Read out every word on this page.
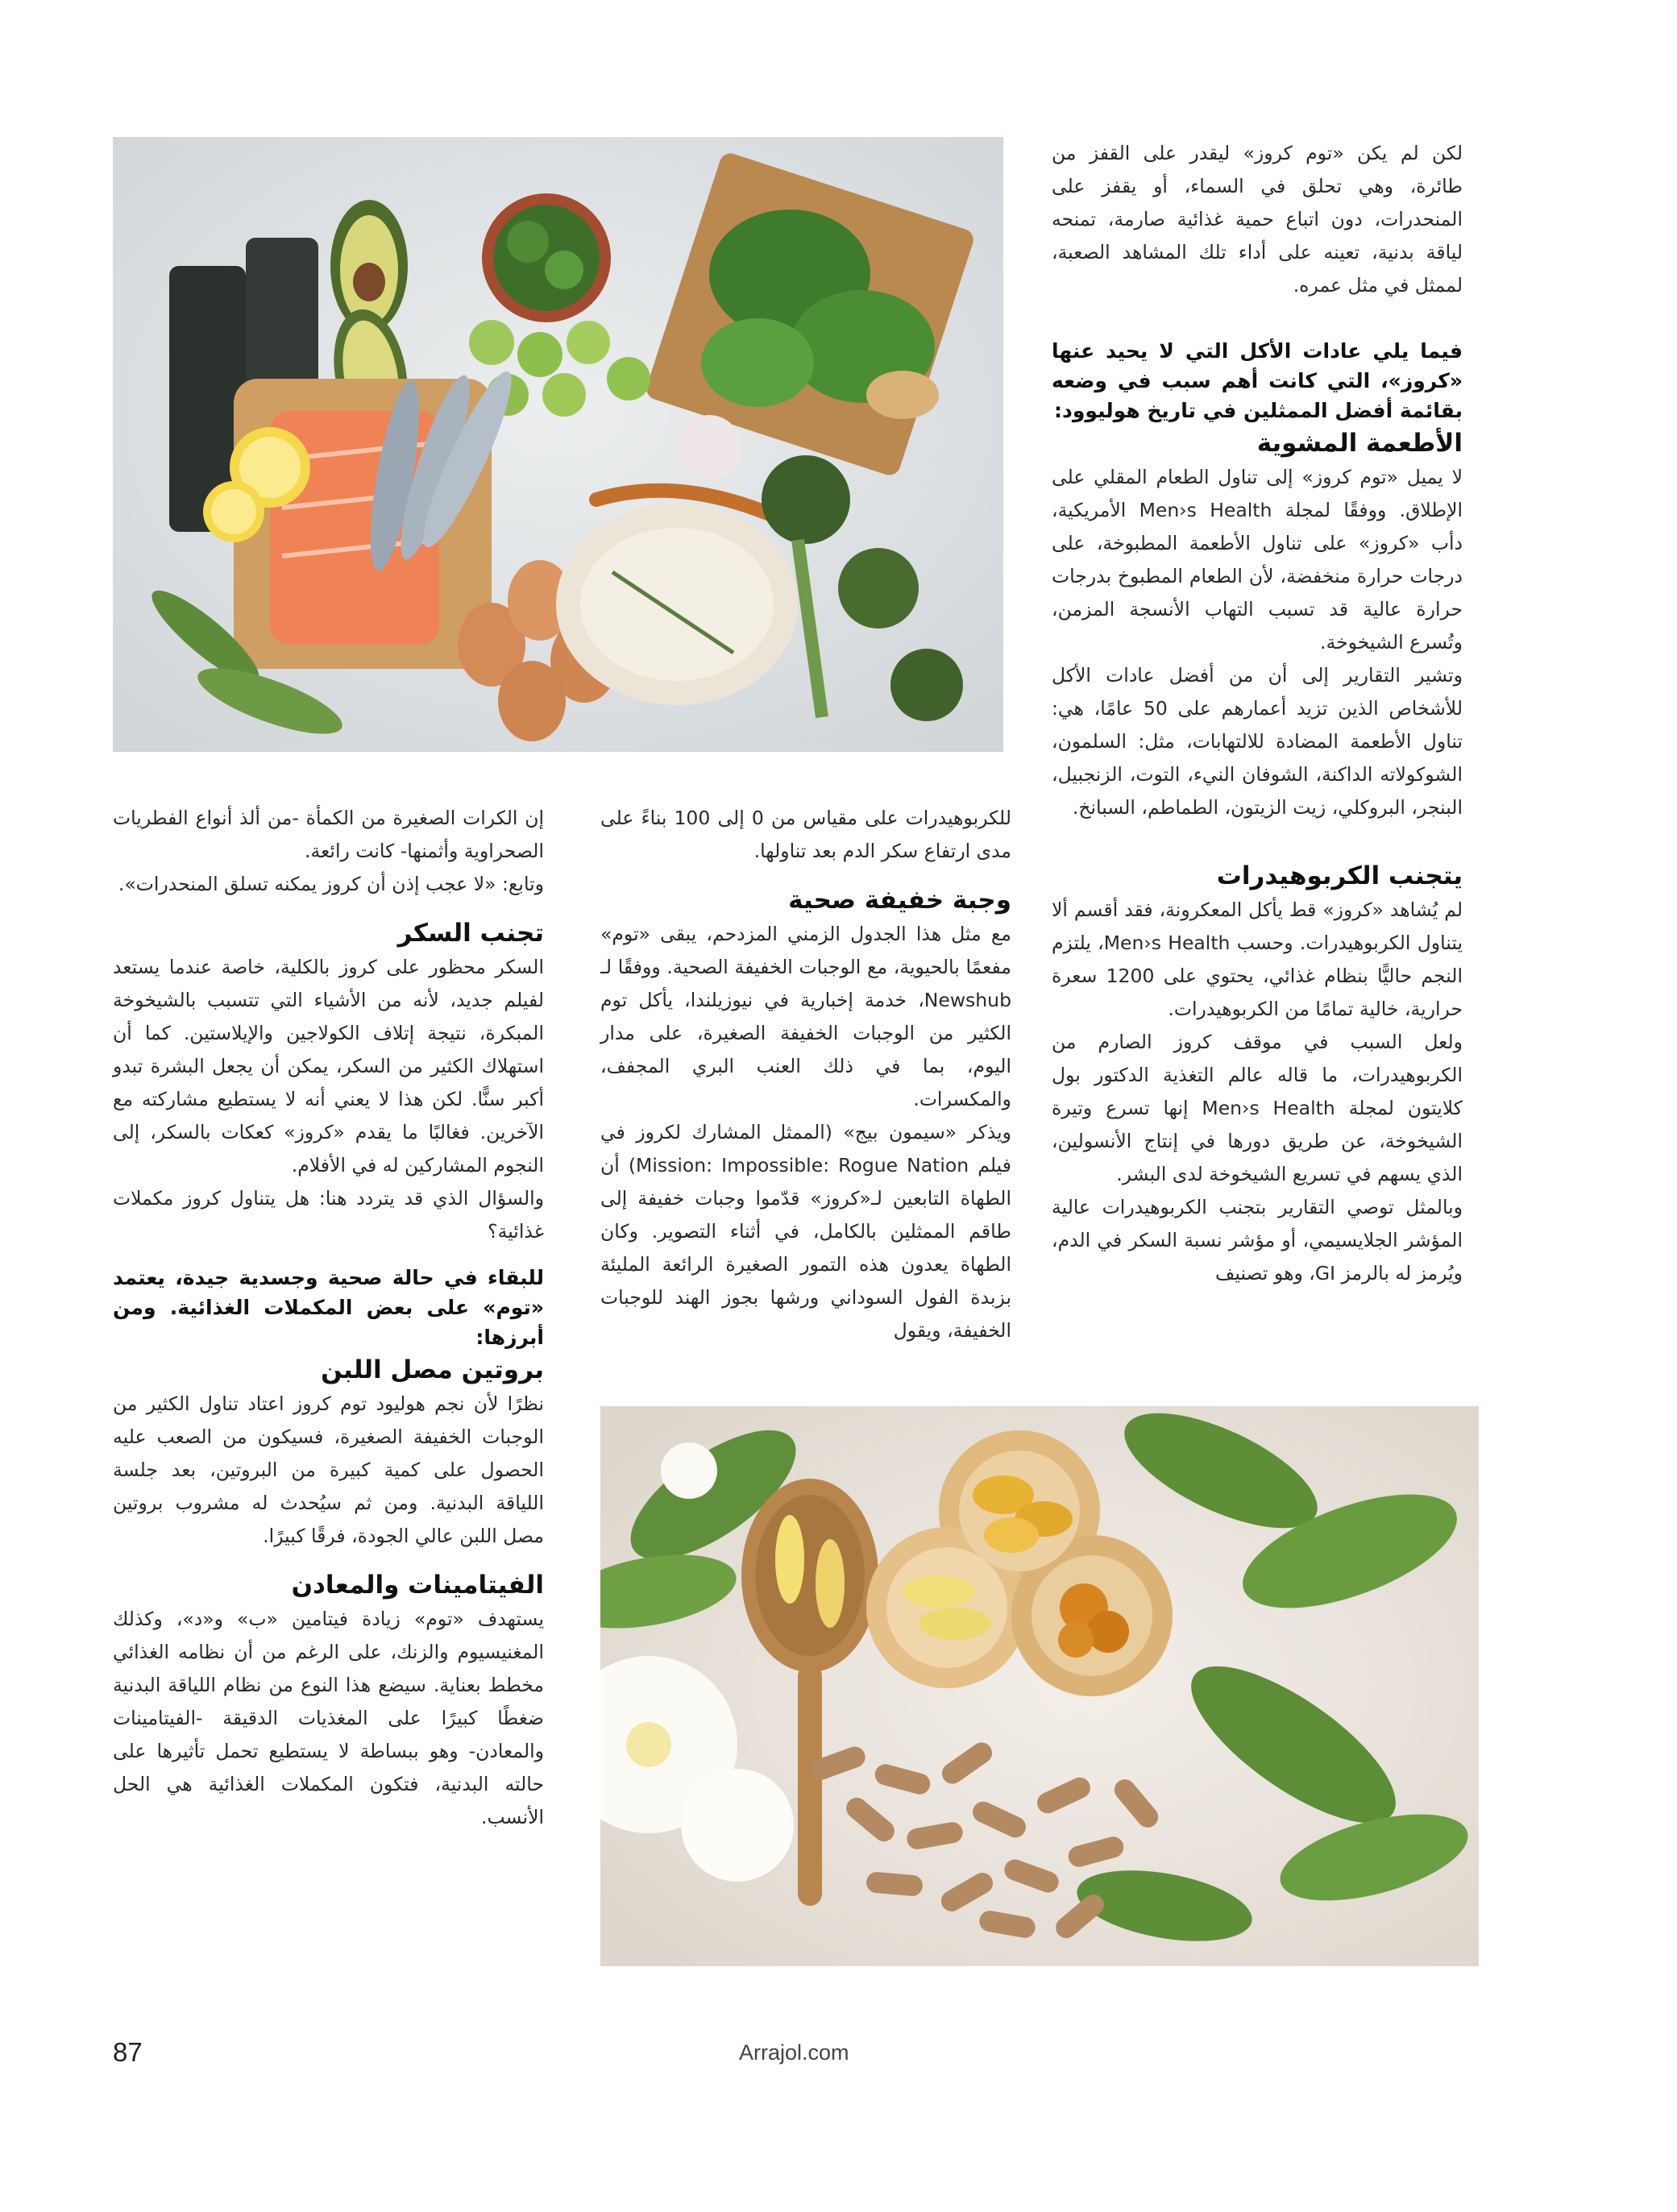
لكن لم يكن «توم كروز» ليقدر على القفز من طائرة، وهي تحلق في السماء، أو يقفز على المنحدرات، دون اتباع حمية غذائية صارمة، تمنحه لياقة بدنية، تعينه على أداء تلك المشاهد الصعبة، لممثل في مثل عمره.

فيما يلي عادات الأكل التي لا يحيد عنها «كروز»، التي كانت أهم سبب في وضعه بقائمة أفضل الممثلين في تاريخ هوليوود:
الأطعمة المشوية

لا يميل «توم كروز» إلى تناول الطعام المقلي على الإطلاق. ووفقًا لمجلة Men›s Health الأمريكية، دأب «كروز» على تناول الأطعمة المطبوخة، على درجات حرارة منخفضة، لأن الطعام المطبوخ بدرجات حرارة عالية قد تسبب التهاب الأنسجة المزمن، وتُسرع الشيخوخة.

وتشير التقارير إلى أن من أفضل عادات الأكل للأشخاص الذين تزيد أعمارهم على 50 عامًا، هي: تناول الأطعمة المضادة للالتهابات، مثل: السلمون، الشوكولاته الداكنة، الشوفان النيء، التوت، الزنجبيل، البنجر، البروكلي، زيت الزيتون، الطماطم، السبانخ.

يتجنب الكربوهيدرات

لم يُشاهد «كروز» قط يأكل المعكرونة، فقد أقسم ألا يتناول الكربوهيدرات. وحسب Men›s Health، يلتزم النجم حاليًّا بنظام غذائي، يحتوي على 1200 سعرة حرارية، خالية تمامًا من الكربوهيدرات.

ولعل السبب في موقف كروز الصارم من الكربوهيدرات، ما قاله عالم التغذية الدكتور بول كلايتون لمجلة Men›s Health إنها تسرع وتيرة الشيخوخة، عن طريق دورها في إنتاج الأنسولين، الذي يسهم في تسريع الشيخوخة لدى البشر.

وبالمثل توصي التقارير بتجنب الكربوهيدرات عالية المؤشر الجلايسيمي، أو مؤشر نسبة السكر في الدم، ويُرمز له بالرمز GI، وهو تصنيف

للكربوهيدرات على مقياس من 0 إلى 100 بناءً على مدى ارتفاع سكر الدم بعد تناولها.

وجبة خفيفة صحية

مع مثل هذا الجدول الزمني المزدحم، يبقى «توم» مفعمًا بالحيوية، مع الوجبات الخفيفة الصحية. ووفقًا لـ Newshub، خدمة إخبارية في نيوزيلندا، يأكل توم الكثير من الوجبات الخفيفة الصغيرة، على مدار اليوم، بما في ذلك العنب البري المجفف، والمكسرات.

ويذكر «سيمون بيج» (الممثل المشارك لكروز في فيلم Mission: Impossible: Rogue Nation) أن الطهاة التابعين لـ«كروز» قدّموا وجبات خفيفة إلى طاقم الممثلين بالكامل، في أثناء التصوير. وكان الطهاة يعدون هذه التمور الصغيرة الرائعة المليئة بزبدة الفول السوداني ورشها بجوز الهند للوجبات الخفيفة، ويقول

إن الكرات الصغيرة من الكمأة -من ألذ أنواع الفطريات الصحراوية وأثمنها- كانت رائعة.

وتابع: «لا عجب إذن أن كروز يمكنه تسلق المنحدرات».

تجنب السكر

السكر محظور على كروز بالكلية، خاصة عندما يستعد لفيلم جديد، لأنه من الأشياء التي تتسبب بالشيخوخة المبكرة، نتيجة إتلاف الكولاجين والإيلاستين. كما أن استهلاك الكثير من السكر، يمكن أن يجعل البشرة تبدو أكبر سنًّا. لكن هذا لا يعني أنه لا يستطيع مشاركته مع الآخرين. فغالبًا ما يقدم «كروز» كعكات بالسكر، إلى النجوم المشاركين له في الأفلام.

والسؤال الذي قد يتردد هنا: هل يتناول كروز مكملات غذائية؟

للبقاء في حالة صحية وجسدية جيدة، يعتمد «توم» على بعض المكملات الغذائية. ومن أبرزها:
بروتين مصل اللبن

نظرًا لأن نجم هوليود توم كروز اعتاد تناول الكثير من الوجبات الخفيفة الصغيرة، فسيكون من الصعب عليه الحصول على كمية كبيرة من البروتين، بعد جلسة اللياقة البدنية. ومن ثم سيُحدث له مشروب بروتين مصل اللبن عالي الجودة، فرقًا كبيرًا.

الفيتامينات والمعادن

يستهدف «توم» زيادة فيتامين «ب» و«د»، وكذلك المغنيسيوم والزنك، على الرغم من أن نظامه الغذائي مخطط بعناية. سيضع هذا النوع من نظام اللياقة البدنية ضغطًا كبيرًا على المغذيات الدقيقة -الفيتامينات والمعادن- وهو ببساطة لا يستطيع تحمل تأثيرها على حالته البدنية، فتكون المكملات الغذائية هي الحل الأنسب.

87	Arrajol.com
